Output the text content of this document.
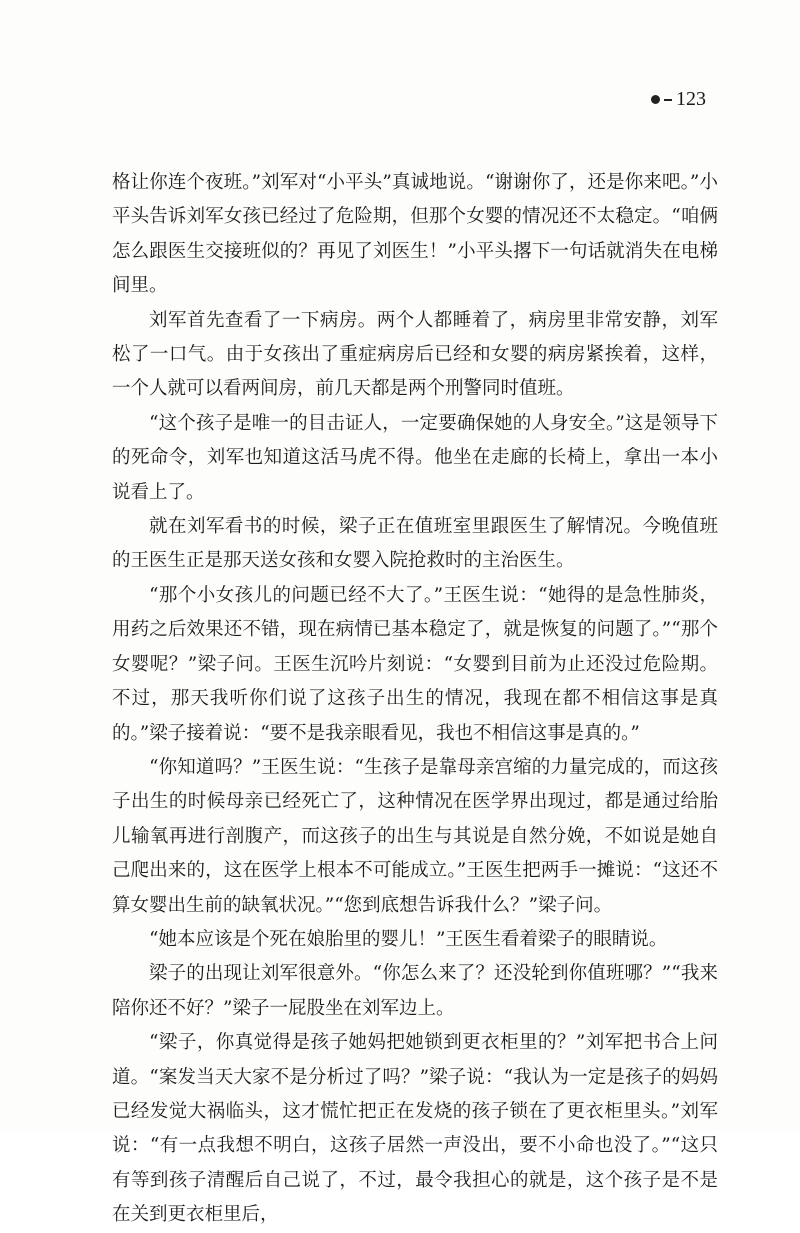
123

格让你连个夜班。”刘军对“小平头”真诚地说。“谢谢你了，还是你来吧。”小平头告诉刘军女孩已经过了危险期，但那个女婴的情况还不太稳定。“咱俩怎么跟医生交接班似的？再见了刘医生！”小平头撂下一句话就消失在电梯间里。

刘军首先查看了一下病房。两个人都睡着了，病房里非常安静，刘军松了一口气。由于女孩出了重症病房后已经和女婴的病房紧挨着，这样，一个人就可以看两间房，前几天都是两个刑警同时值班。

“这个孩子是唯一的目击证人，一定要确保她的人身安全。”这是领导下的死命令，刘军也知道这活马虎不得。他坐在走廊的长椅上，拿出一本小说看上了。

就在刘军看书的时候，梁子正在值班室里跟医生了解情况。今晚值班的王医生正是那天送女孩和女婴入院抢救时的主治医生。

“那个小女孩儿的问题已经不大了。”王医生说：“她得的是急性肺炎，用药之后效果还不错，现在病情已基本稳定了，就是恢复的问题了。”“那个女婴呢？”梁子问。王医生沉吟片刻说：“女婴到目前为止还没过危险期。不过，那天我听你们说了这孩子出生的情况，我现在都不相信这事是真的。”梁子接着说：“要不是我亲眼看见，我也不相信这事是真的。”

“你知道吗？”王医生说：“生孩子是靠母亲宫缩的力量完成的，而这孩子出生的时候母亲已经死亡了，这种情况在医学界出现过，都是通过给胎儿输氧再进行剖腹产，而这孩子的出生与其说是自然分娩，不如说是她自己爬出来的，这在医学上根本不可能成立。”王医生把两手一摊说：“这还不算女婴出生前的缺氧状况。”“您到底想告诉我什么？”梁子问。

“她本应该是个死在娘胎里的婴儿！”王医生看着梁子的眼睛说。

梁子的出现让刘军很意外。“你怎么来了？还没轮到你值班哪？”“我来陪你还不好？”梁子一屁股坐在刘军边上。

“梁子，你真觉得是孩子她妈把她锁到更衣柜里的？”刘军把书合上问道。“案发当天大家不是分析过了吗？”梁子说：“我认为一定是孩子的妈妈已经发觉大祸临头，这才慌忙把正在发烧的孩子锁在了更衣柜里头。”刘军说：“有一点我想不明白，这孩子居然一声没出，要不小命也没了。”“这只有等到孩子清醒后自己说了，不过，最令我担心的就是，这个孩子是不是在关到更衣柜里后，
